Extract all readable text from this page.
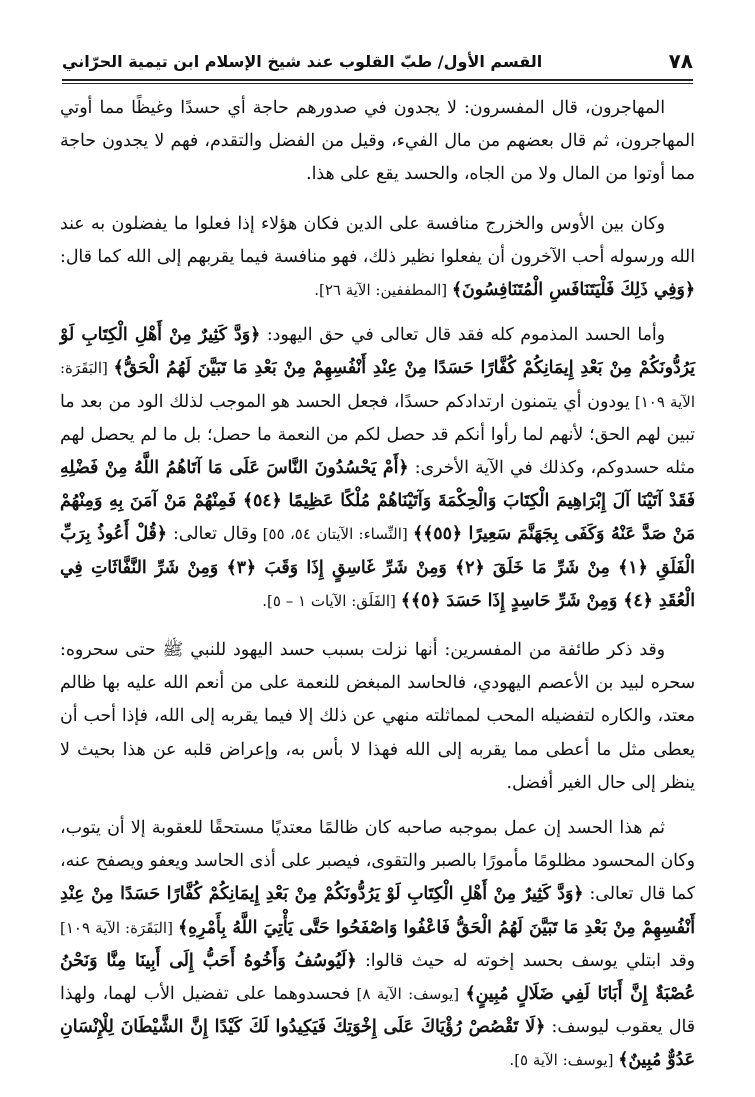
٧٨
القسم الأول/ طبّ القلوب عند شيخ الإسلام ابن تيمية الحرّاني

المهاجرون، قال المفسرون: لا يجدون في صدورهم حاجة أي حسدًا وغيظًا مما أوتي المهاجرون، ثم قال بعضهم من مال الفيء، وقيل من الفضل والتقدم، فهم لا يجدون حاجة مما أوتوا من المال ولا من الجاه، والحسد يقع على هذا.

وكان بين الأوس والخزرج منافسة على الدين فكان هؤلاء إذا فعلوا ما يفضلون به عند الله ورسوله أحب الآخرون أن يفعلوا نظير ذلك، فهو منافسة فيما يقربهم إلى الله كما قال: ﴿وَفِي ذَلِكَ فَلْيَتَنَافَسِ الْمُتَنَافِسُونَ﴾ [المطففين: الآية ٢٦].

وأما الحسد المذموم كله فقد قال تعالى في حق اليهود: ﴿وَدَّ كَثِيرٌ مِنْ أَهْلِ الْكِتَابِ لَوْ يَرُدُّونَكُمْ مِنْ بَعْدِ إِيمَانِكُمْ كُفَّارًا حَسَدًا مِنْ عِنْدِ أَنْفُسِهِمْ مِنْ بَعْدِ مَا تَبَيَّنَ لَهُمُ الْحَقُّ﴾ [البَقَرَة: الآية ١٠٩] يودون أي يتمنون ارتدادكم حسدًا، فجعل الحسد هو الموجب لذلك الود من بعد ما تبين لهم الحق؛ لأنهم لما رأوا أنكم قد حصل لكم من النعمة ما حصل؛ بل ما لم يحصل لهم مثله حسدوكم، وكذلك في الآية الأخرى: ﴿أَمْ يَحْسُدُونَ النَّاسَ عَلَى مَا آتَاهُمُ اللَّهُ مِنْ فَضْلِهِ فَقَدْ آتَيْنَا آلَ إِبْرَاهِيمَ الْكِتَابَ وَالْحِكْمَةَ وَآتَيْنَاهُمْ مُلْكًا عَظِيمًا ﴿٥٤﴾ فَمِنْهُمْ مَنْ آمَنَ بِهِ وَمِنْهُمْ مَنْ صَدَّ عَنْهُ وَكَفَى بِجَهَنَّمَ سَعِيرًا ﴿٥٥﴾﴾ [النِّساء: الآيتان ٥٤، ٥٥] وقال تعالى: ﴿قُلْ أَعُوذُ بِرَبِّ الْفَلَقِ ﴿١﴾ مِنْ شَرِّ مَا خَلَقَ ﴿٢﴾ وَمِنْ شَرِّ غَاسِقٍ إِذَا وَقَبَ ﴿٣﴾ وَمِنْ شَرِّ النَّفَّاثَاتِ فِي الْعُقَدِ ﴿٤﴾ وَمِنْ شَرِّ حَاسِدٍ إِذَا حَسَدَ ﴿٥﴾﴾ [الفَلَق: الآيات ١ – ٥].

وقد ذكر طائفة من المفسرين: أنها نزلت بسبب حسد اليهود للنبي ﷺ حتى سحروه: سحره لبيد بن الأعصم اليهودي، فالحاسد المبغض للنعمة على من أنعم الله عليه بها ظالم معتد، والكاره لتفضيله المحب لمماثلته منهي عن ذلك إلا فيما يقربه إلى الله، فإذا أحب أن يعطى مثل ما أعطى مما يقربه إلى الله فهذا لا بأس به، وإعراض قلبه عن هذا بحيث لا ينظر إلى حال الغير أفضل.

ثم هذا الحسد إن عمل بموجبه صاحبه كان ظالمًا معتديًا مستحقًا للعقوبة إلا أن يتوب، وكان المحسود مظلومًا مأمورًا بالصبر والتقوى، فيصبر على أذى الحاسد ويعفو ويصفح عنه، كما قال تعالى: ﴿وَدَّ كَثِيرٌ مِنْ أَهْلِ الْكِتَابِ لَوْ يَرُدُّونَكُمْ مِنْ بَعْدِ إِيمَانِكُمْ كُفَّارًا حَسَدًا مِنْ عِنْدِ أَنْفُسِهِمْ مِنْ بَعْدِ مَا تَبَيَّنَ لَهُمُ الْحَقُّ فَاعْفُوا وَاصْفَحُوا حَتَّى يَأْتِيَ اللَّهُ بِأَمْرِهِ﴾ [البَقَرَة: الآية ١٠٩] وقد ابتلي يوسف بحسد إخوته له حيث قالوا: ﴿لَيُوسُفُ وَأَخُوهُ أَحَبُّ إِلَى أَبِينَا مِنَّا وَنَحْنُ عُصْبَةٌ إِنَّ أَبَانَا لَفِي ضَلَالٍ مُبِينٍ﴾ [يوسف: الآية ٨] فحسدوهما على تفضيل الأب لهما، ولهذا قال يعقوب ليوسف: ﴿لَا تَقْصُصْ رُؤْيَاكَ عَلَى إِخْوَتِكَ فَيَكِيدُوا لَكَ كَيْدًا إِنَّ الشَّيْطَانَ لِلْإِنْسَانِ عَدُوٌّ مُبِينٌ﴾ [يوسف: الآية ٥].
